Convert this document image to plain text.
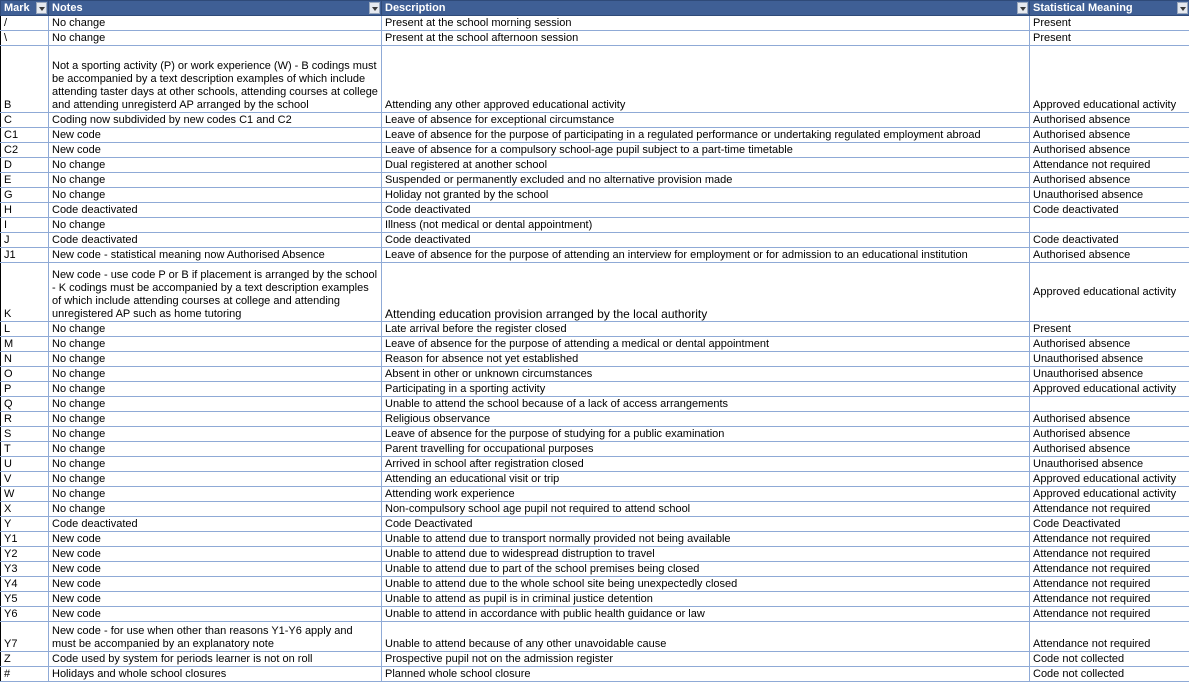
Mark	Notes	Description	Statistical Meaning

/	No change	Present at the school morning session	Present
\	No change	Present at the school afternoon session	Present
B	Not a sporting activity (P) or work experience (W) - B codings must be accompanied by a text description examples of which include attending taster days at other schools, attending courses at college and attending unregisterd AP arranged by the school	Attending any other approved educational activity	Approved educational activity
C	Coding now subdivided by new codes C1 and C2	Leave of absence for exceptional circumstance	Authorised absence
C1	New code	Leave of absence for the purpose of participating in a regulated performance or undertaking regulated employment abroad	Authorised absence
C2	New code	Leave of absence for a compulsory school-age pupil subject to a part-time timetable	Authorised absence
D	No change	Dual registered at another school	Attendance not required
E	No change	Suspended or permanently excluded and no alternative provision made	Authorised absence
G	No change	Holiday not granted by the school	Unauthorised absence
H	Code deactivated	Code deactivated	Code deactivated
I	No change	Illness (not medical or dental appointment)	
J	Code deactivated	Code deactivated	Code deactivated
J1	New code - statistical meaning now Authorised Absence	Leave of absence for the purpose of attending an interview for employment or for admission to an educational institution	Authorised absence
K	New code - use code P or B if placement is arranged by the school - K codings must be accompanied by a text description examples of which include attending courses at college and attending unregistered AP such as home tutoring	Attending education provision arranged by the local authority	Approved educational activity
L	No change	Late arrival before the register closed	Present
M	No change	Leave of absence for the purpose of attending a medical or dental appointment	Authorised absence
N	No change	Reason for absence not yet established	Unauthorised absence
O	No change	Absent in other or unknown circumstances	Unauthorised absence
P	No change	Participating in a sporting activity	Approved educational activity
Q	No change	Unable to attend the school because of a lack of access arrangements	
R	No change	Religious observance	Authorised absence
S	No change	Leave of absence for the purpose of studying for a public examination	Authorised absence
T	No change	Parent travelling for occupational purposes	Authorised absence
U	No change	Arrived in school after registration closed	Unauthorised absence
V	No change	Attending an educational visit or trip	Approved educational activity
W	No change	Attending work experience	Approved educational activity
X	No change	Non-compulsory school age pupil not required to attend school	Attendance not required
Y	Code deactivated	Code Deactivated	Code Deactivated
Y1	New code	Unable to attend due to transport normally provided not being available	Attendance not required
Y2	New code	Unable to attend due to widespread distruption to travel	Attendance not required
Y3	New code	Unable to attend due to part of the school premises being closed	Attendance not required
Y4	New code	Unable to attend due to the whole school site being unexpectedly closed	Attendance not required
Y5	New code	Unable to attend as pupil is in criminal justice detention	Attendance not required
Y6	New code	Unable to attend in accordance with public health guidance or law	Attendance not required
Y7	New code - for use when other than reasons Y1-Y6 apply and must be accompanied by an explanatory note	Unable to attend because of any other unavoidable cause	Attendance not required
Z	Code used by system for periods learner is not on roll	Prospective pupil not on the admission register	Code not collected
#	Holidays and whole school closures	Planned whole school closure	Code not collected
